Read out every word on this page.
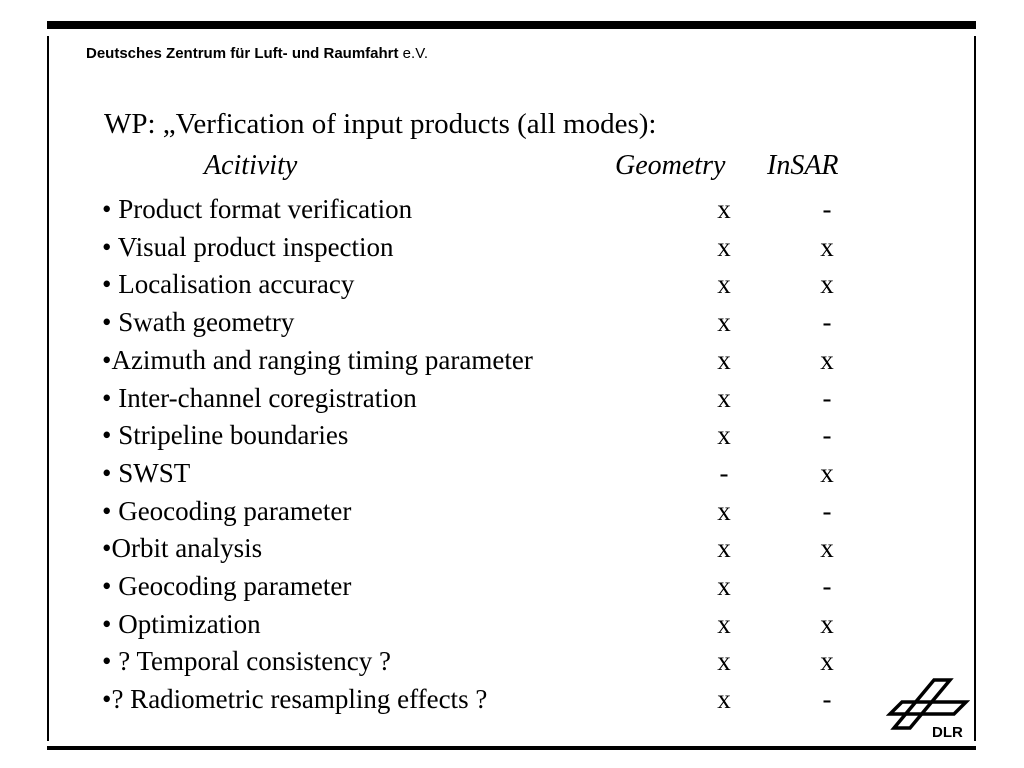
Deutsches Zentrum für Luft- und Raumfahrt e.V.
WP: „Verfication of input products (all modes):
Acitivity	Geometry InSAR
• Product format verification	x	-
• Visual product inspection	x	x
• Localisation accuracy	x	x
• Swath geometry	x	-
•Azimuth and ranging timing parameter	x	x
• Inter-channel coregistration	x	-
• Stripeline boundaries	x	-
• SWST	-	x
• Geocoding parameter	x	-
•Orbit analysis	x	x
• Geocoding parameter	x	-
• Optimization	x	x
• ? Temporal consistency ?	x	x
•? Radiometric resampling effects ?	x	-
DLR
